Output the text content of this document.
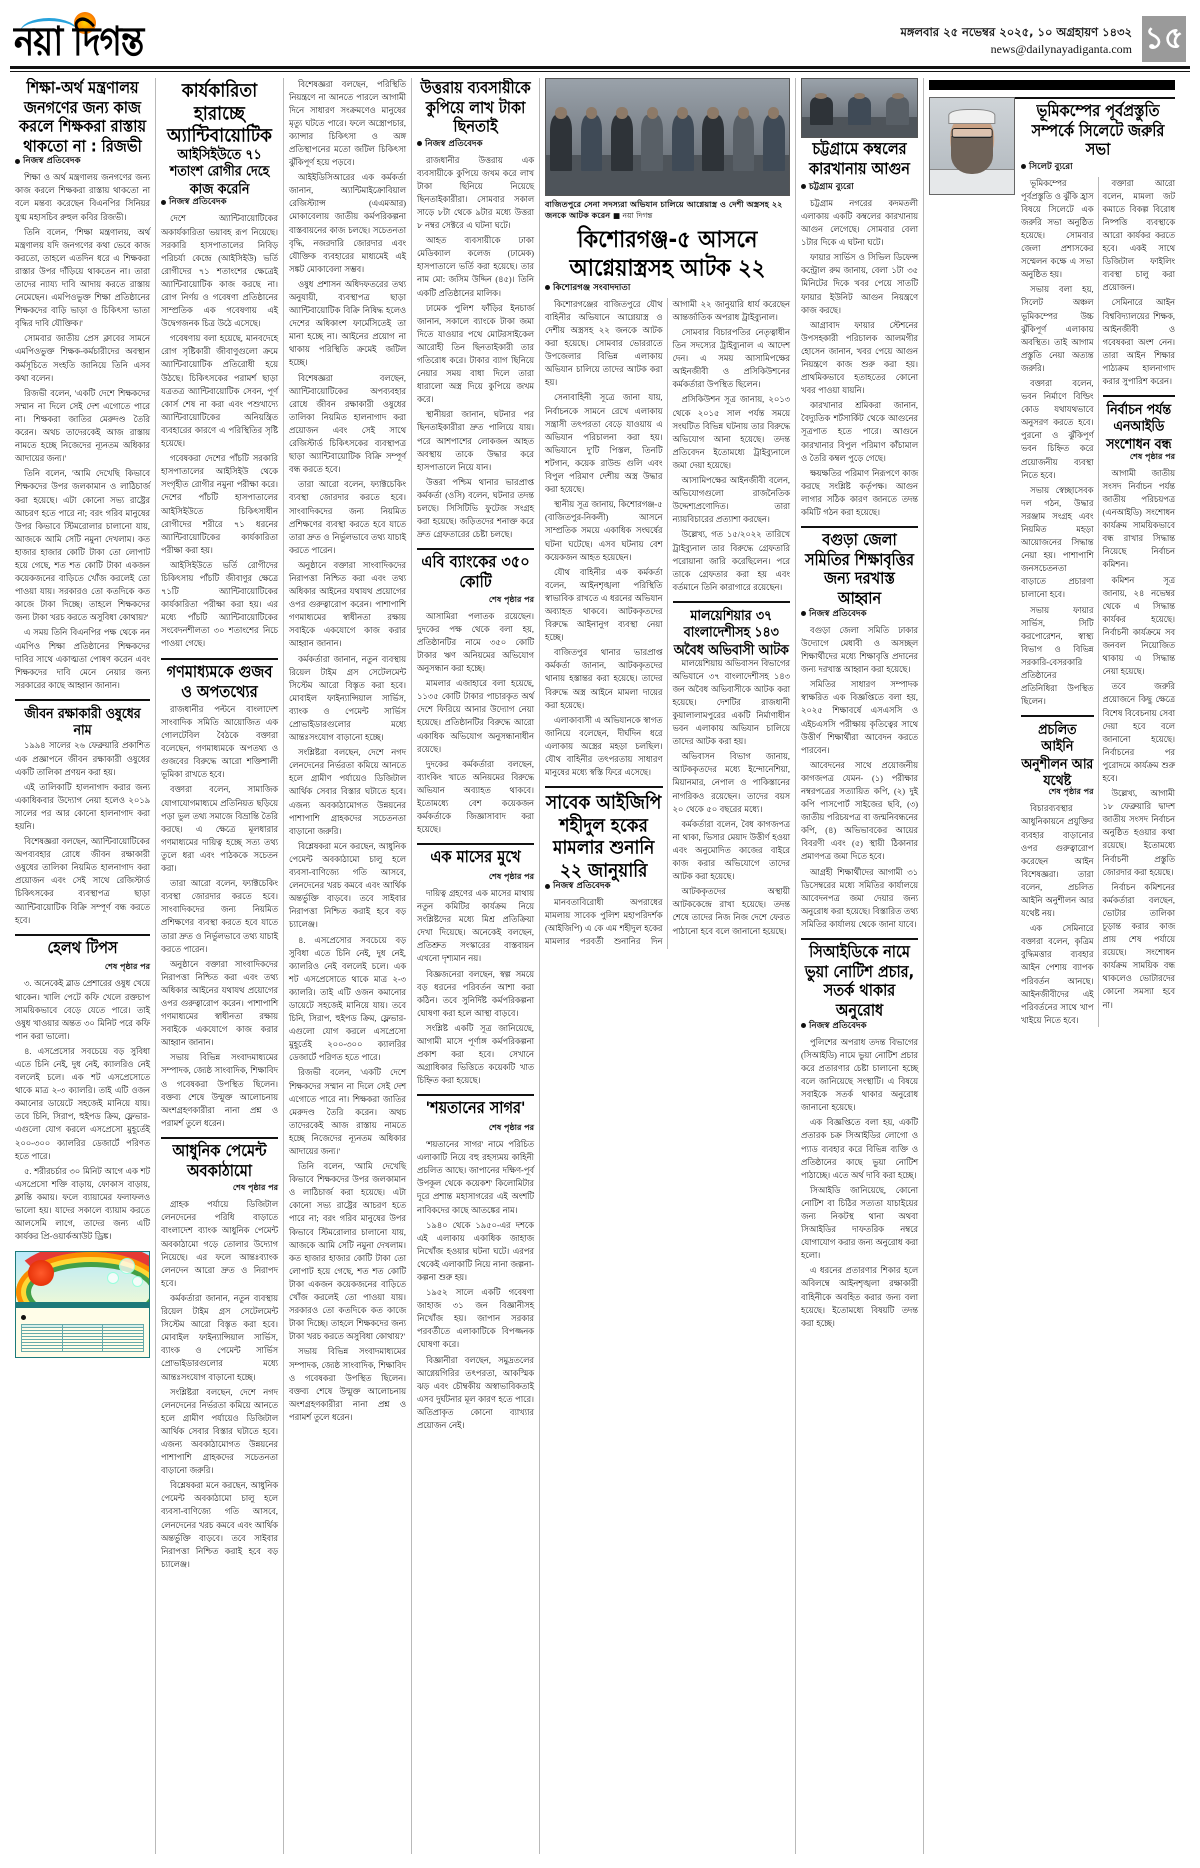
নয়া দিগন্ত	মঙ্গলবার ২৫ নভেম্বর ২০২৫, ১০ অগ্রহায়ণ ১৪৩২
news@dailynayadiganta.com ১৫
শিক্ষা-অর্থ মন্ত্রণালয় জনগণের জন্য কাজ করলে শিক্ষকরা রাস্তায় থাকতো না : রিজভী
নিজস্ব প্রতিবেদক

শিক্ষা ও অর্থ মন্ত্রণালয় জনগণের জন্য কাজ করলে শিক্ষকরা রাস্তায় থাকতো না বলে মন্তব্য করেছেন বিএনপির সিনিয়র যুগ্ম মহাসচিব রুহুল কবির রিজভী।

তিনি বলেন, 'শিক্ষা মন্ত্রণালয়, অর্থ মন্ত্রণালয় যদি জনগণের কথা ভেবে কাজ করতো, তাহলে এতদিন ধরে এ শিক্ষকরা রাস্তার উপর দাঁড়িয়ে থাকতেন না। তারা তাদের ন্যায্য দাবি আদায় করতে রাস্তায় নেমেছেন। এমপিওভুক্ত শিক্ষা প্রতিষ্ঠানের শিক্ষকদের বাড়ি ভাড়া ও চিকিৎসা ভাতা বৃদ্ধির দাবি যৌক্তিক।'

সোমবার জাতীয় প্রেস ক্লাবের সামনে এমপিওভুক্ত শিক্ষক-কর্মচারীদের অবস্থান কর্মসূচিতে সংহতি জানিয়ে তিনি এসব কথা বলেন।

রিজভী বলেন, 'একটি দেশে শিক্ষকদের সম্মান না দিলে সেই দেশ এগোতে পারে না। শিক্ষকরা জাতির মেরুদণ্ড তৈরি করেন। অথচ তাদেরকেই আজ রাস্তায় নামতে হচ্ছে নিজেদের ন্যূনতম অধিকার আদায়ের জন্য।'

তিনি বলেন, 'আমি দেখেছি কিভাবে শিক্ষকদের উপর জলকামান ও লাঠিচার্জ করা হয়েছে। এটা কোনো সভ্য রাষ্ট্রের আচরণ হতে পারে না; বরং গরিব মানুষের উপর কিভাবে স্টিমরোলার চালানো যায়, আজকে আমি সেটি নমুনা দেখলাম। কত হাজার হাজার কোটি টাকা তো লোপাট হয়ে গেছে, শত শত কোটি টাকা একজন কয়েকজনের বাড়িতে খোঁজ করলেই তো পাওয়া যায়। সরকারও তো কতদিকে কত কাজে টাকা দিচ্ছে। তাহলে শিক্ষকদের জন্য টাকা খরচ করতে অসুবিধা কোথায়?'

এ সময় তিনি বিএনপির পক্ষ থেকে নন এমপিও শিক্ষা প্রতিষ্ঠানের শিক্ষকদের দাবির সাথে একাত্মতা পোষণ করেন এবং শিক্ষকদের দাবি মেনে নেয়ার জন্য সরকারের কাছে আহ্বান জানান।

জীবন রক্ষাকারী ওষুধের নাম

১৯৯৪ সালের ২৬ ফেব্রুয়ারি প্রকাশিত এক প্রজ্ঞাপনে জীবন রক্ষাকারী ওষুধের একটি তালিকা প্রণয়ন করা হয়।

এই তালিকাটি হালনাগাদ করার জন্য একাধিকবার উদ্যোগ নেয়া হলেও ২০১৯ সালের পর আর কোনো হালনাগাদ করা হয়নি।

বিশেষজ্ঞরা বলছেন, অ্যান্টিবায়োটিকের অপব্যবহার রোধে জীবন রক্ষাকারী ওষুধের তালিকা নিয়মিত হালনাগাদ করা প্রয়োজন এবং সেই সাথে রেজিস্টার্ড চিকিৎসকের ব্যবস্থাপত্র ছাড়া অ্যান্টিবায়োটিক বিক্রি সম্পূর্ণ বন্ধ করতে হবে।

হেলথ টিপস
শেষ পৃষ্ঠার পর

৩. অনেকেই ব্লাড প্রেশারের ওষুধ খেয়ে থাকেন। খালি পেটে কফি খেলে রক্তচাপ সাময়িকভাবে বেড়ে যেতে পারে। তাই ওষুধ খাওয়ার অন্তত ৩০ মিনিট পরে কফি পান করা ভালো।

৪. এসপ্রেসোর সবচেয়ে বড় সুবিধা এতে চিনি নেই, দুধ নেই, ক্যালরিও নেই বললেই চলে। এক শট এসপ্রেসোতে থাকে মাত্র ২-৩ ক্যালরি। তাই এটি ওজন কমানোর ডায়েটে সহজেই মানিয়ে যায়। তবে চিনি, সিরাপ, হুইপড ক্রিম, ফ্লেভার- এগুলো যোগ করলে এসপ্রেসো মুহূর্তেই ২০০-৩০০ ক্যালরির ডেজার্টে পরিণত হতে পারে।

৫. শরীরচর্চার ৩০ মিনিট আগে এক শট এসপ্রেসো শক্তি বাড়ায়, ফোকাস বাড়ায়, ক্লান্তি কমায়। ফলে ব্যায়ামের ফলাফলও ভালো হয়। যাদের সকালে ব্যায়াম করতে আলসেমি লাগে, তাদের জন্য এটি কার্যকর প্রি-ওয়ার্কআউট ড্রিঙ্ক।

কার্যকারিতা হারাচ্ছে অ্যান্টিবায়োটিক
আইসিইউতে ৭১ শতাংশ রোগীর দেহে কাজ করেনি
নিজস্ব প্রতিবেদক

দেশে অ্যান্টিবায়োটিকের অকার্যকারিতা ভয়াবহ রূপ নিয়েছে। সরকারি হাসপাতালের নিবিড় পরিচর্যা কেন্দ্রে (আইসিইউ) ভর্তি রোগীদের ৭১ শতাংশের ক্ষেত্রেই অ্যান্টিবায়োটিক কাজ করছে না। রোগ নির্ণয় ও গবেষণা প্রতিষ্ঠানের সাম্প্রতিক এক গবেষণায় এই উদ্বেগজনক চিত্র উঠে এসেছে।

গবেষণায় বলা হয়েছে, মানবদেহে রোগ সৃষ্টিকারী জীবাণুগুলো ক্রমে অ্যান্টিবায়োটিক প্রতিরোধী হয়ে উঠছে। চিকিৎসকের পরামর্শ ছাড়া যত্রতত্র অ্যান্টিবায়োটিক সেবন, পূর্ণ কোর্স শেষ না করা এবং পশুখাদ্যে অ্যান্টিবায়োটিকের অনিয়ন্ত্রিত ব্যবহারের কারণে এ পরিস্থিতির সৃষ্টি হয়েছে।

গবেষকরা দেশের পাঁচটি সরকারি হাসপাতালের আইসিইউ থেকে সংগৃহীত রোগীর নমুনা পরীক্ষা করে। দেশের পাঁচটি হাসপাতালের আইসিইউতে চিকিৎসাধীন রোগীদের শরীরে ৭১ ধরনের অ্যান্টিবায়োটিকের কার্যকারিতা পরীক্ষা করা হয়।

আইসিইউতে ভর্তি রোগীদের চিকিৎসায় পাঁচটি জীবাণুর ক্ষেত্রে ৭১টি অ্যান্টিবায়োটিকের কার্যকারিতা পরীক্ষা করা হয়। এর মধ্যে পাঁচটি অ্যান্টিবায়োটিকের সংবেদনশীলতা ৩০ শতাংশের নিচে পাওয়া গেছে।

গণমাধ্যমকে গুজব ও অপতথ্যের

রাজধানীর পল্টনে বাংলাদেশ সাংবাদিক সমিতি আয়োজিত এক গোলটেবিল বৈঠকে বক্তারা বলেছেন, গণমাধ্যমকে অপতথ্য ও গুজবের বিরুদ্ধে আরো শক্তিশালী ভূমিকা রাখতে হবে।

বক্তারা বলেন, সামাজিক যোগাযোগমাধ্যমে প্রতিনিয়ত ছড়িয়ে পড়া ভুল তথ্য সমাজে বিভ্রান্তি তৈরি করছে। এ ক্ষেত্রে মূলধারার গণমাধ্যমের দায়িত্ব হচ্ছে সত্য তথ্য তুলে ধরা এবং পাঠককে সচেতন করা।

তারা আরো বলেন, ফ্যাক্টচেকিং ব্যবস্থা জোরদার করতে হবে। সাংবাদিকদের জন্য নিয়মিত প্রশিক্ষণের ব্যবস্থা করতে হবে যাতে তারা দ্রুত ও নির্ভুলভাবে তথ্য যাচাই করতে পারেন।

অনুষ্ঠানে বক্তারা সাংবাদিকদের নিরাপত্তা নিশ্চিত করা এবং তথ্য অধিকার আইনের যথাযথ প্রয়োগের ওপর গুরুত্বারোপ করেন। পাশাপাশি গণমাধ্যমের স্বাধীনতা রক্ষায় সবাইকে একযোগে কাজ করার আহ্বান জানান।

সভায় বিভিন্ন সংবাদমাধ্যমের সম্পাদক, জ্যেষ্ঠ সাংবাদিক, শিক্ষাবিদ ও গবেষকরা উপস্থিত ছিলেন। বক্তব্য শেষে উন্মুক্ত আলোচনায় অংশগ্রহণকারীরা নানা প্রশ্ন ও পরামর্শ তুলে ধরেন।

আধুনিক পেমেন্ট অবকাঠামো
শেষ পৃষ্ঠার পর

গ্রাহক পর্যায়ে ডিজিটাল লেনদেনের পরিধি বাড়াতে বাংলাদেশ ব্যাংক আধুনিক পেমেন্ট অবকাঠামো গড়ে তোলার উদ্যোগ নিয়েছে। এর ফলে আন্তঃব্যাংক লেনদেন আরো দ্রুত ও নিরাপদ হবে।

কর্মকর্তারা জানান, নতুন ব্যবস্থায় রিয়েল টাইম গ্রস সেটেলমেন্ট সিস্টেম আরো বিস্তৃত করা হবে। মোবাইল ফাইন্যান্সিয়াল সার্ভিস, ব্যাংক ও পেমেন্ট সার্ভিস প্রোভাইডারগুলোর মধ্যে আন্তঃসংযোগ বাড়ানো হচ্ছে।

সংশ্লিষ্টরা বলছেন, দেশে নগদ লেনদেনের নির্ভরতা কমিয়ে আনতে হলে গ্রামীণ পর্যায়েও ডিজিটাল আর্থিক সেবার বিস্তার ঘটাতে হবে। এজন্য অবকাঠামোগত উন্নয়নের পাশাপাশি গ্রাহকদের সচেতনতা বাড়ানো জরুরি।

বিশ্লেষকরা মনে করছেন, আধুনিক পেমেন্ট অবকাঠামো চালু হলে ব্যবসা-বাণিজ্যে গতি আসবে, লেনদেনের খরচ কমবে এবং আর্থিক অন্তর্ভুক্তি বাড়বে। তবে সাইবার নিরাপত্তা নিশ্চিত করাই হবে বড় চ্যালেঞ্জ।

বিশেষজ্ঞরা বলছেন, পরিস্থিতি নিয়ন্ত্রণে না আনতে পারলে আগামী দিনে সাধারণ সংক্রমণেও মানুষের মৃত্যু ঘটতে পারে। ফলে অস্ত্রোপচার, ক্যান্সার চিকিৎসা ও অঙ্গ প্রতিস্থাপনের মতো জটিল চিকিৎসা ঝুঁকিপূর্ণ হয়ে পড়বে।

আইইডিসিআরের এক কর্মকর্তা জানান, অ্যান্টিমাইক্রোবিয়াল রেজিস্ট্যান্স (এএমআর) মোকাবেলায় জাতীয় কর্মপরিকল্পনা বাস্তবায়নের কাজ চলছে। সচেতনতা বৃদ্ধি, নজরদারি জোরদার এবং যৌক্তিক ব্যবহারের মাধ্যমেই এই সঙ্কট মোকাবেলা সম্ভব।

ওষুধ প্রশাসন অধিদফতরের তথ্য অনুযায়ী, ব্যবস্থাপত্র ছাড়া অ্যান্টিবায়োটিক বিক্রি নিষিদ্ধ হলেও দেশের অধিকাংশ ফার্মেসিতেই তা মানা হচ্ছে না। আইনের প্রয়োগ না থাকায় পরিস্থিতি ক্রমেই জটিল হচ্ছে।

বিশেষজ্ঞরা বলছেন, অ্যান্টিবায়োটিকের অপব্যবহার রোধে জীবন রক্ষাকারী ওষুধের তালিকা নিয়মিত হালনাগাদ করা প্রয়োজন এবং সেই সাথে রেজিস্টার্ড চিকিৎসকের ব্যবস্থাপত্র ছাড়া অ্যান্টিবায়োটিক বিক্রি সম্পূর্ণ বন্ধ করতে হবে।

তারা আরো বলেন, ফ্যাক্টচেকিং ব্যবস্থা জোরদার করতে হবে। সাংবাদিকদের জন্য নিয়মিত প্রশিক্ষণের ব্যবস্থা করতে হবে যাতে তারা দ্রুত ও নির্ভুলভাবে তথ্য যাচাই করতে পারেন।

অনুষ্ঠানে বক্তারা সাংবাদিকদের নিরাপত্তা নিশ্চিত করা এবং তথ্য অধিকার আইনের যথাযথ প্রয়োগের ওপর গুরুত্বারোপ করেন। পাশাপাশি গণমাধ্যমের স্বাধীনতা রক্ষায় সবাইকে একযোগে কাজ করার আহ্বান জানান।

কর্মকর্তারা জানান, নতুন ব্যবস্থায় রিয়েল টাইম গ্রস সেটেলমেন্ট সিস্টেম আরো বিস্তৃত করা হবে। মোবাইল ফাইন্যান্সিয়াল সার্ভিস, ব্যাংক ও পেমেন্ট সার্ভিস প্রোভাইডারগুলোর মধ্যে আন্তঃসংযোগ বাড়ানো হচ্ছে।

সংশ্লিষ্টরা বলছেন, দেশে নগদ লেনদেনের নির্ভরতা কমিয়ে আনতে হলে গ্রামীণ পর্যায়েও ডিজিটাল আর্থিক সেবার বিস্তার ঘটাতে হবে। এজন্য অবকাঠামোগত উন্নয়নের পাশাপাশি গ্রাহকদের সচেতনতা বাড়ানো জরুরি।

বিশ্লেষকরা মনে করছেন, আধুনিক পেমেন্ট অবকাঠামো চালু হলে ব্যবসা-বাণিজ্যে গতি আসবে, লেনদেনের খরচ কমবে এবং আর্থিক অন্তর্ভুক্তি বাড়বে। তবে সাইবার নিরাপত্তা নিশ্চিত করাই হবে বড় চ্যালেঞ্জ।

৪. এসপ্রেসোর সবচেয়ে বড় সুবিধা এতে চিনি নেই, দুধ নেই, ক্যালরিও নেই বললেই চলে। এক শট এসপ্রেসোতে থাকে মাত্র ২-৩ ক্যালরি। তাই এটি ওজন কমানোর ডায়েটে সহজেই মানিয়ে যায়। তবে চিনি, সিরাপ, হুইপড ক্রিম, ফ্লেভার- এগুলো যোগ করলে এসপ্রেসো মুহূর্তেই ২০০-৩০০ ক্যালরির ডেজার্টে পরিণত হতে পারে।

রিজভী বলেন, 'একটি দেশে শিক্ষকদের সম্মান না দিলে সেই দেশ এগোতে পারে না। শিক্ষকরা জাতির মেরুদণ্ড তৈরি করেন। অথচ তাদেরকেই আজ রাস্তায় নামতে হচ্ছে নিজেদের ন্যূনতম অধিকার আদায়ের জন্য।'

তিনি বলেন, 'আমি দেখেছি কিভাবে শিক্ষকদের উপর জলকামান ও লাঠিচার্জ করা হয়েছে। এটা কোনো সভ্য রাষ্ট্রের আচরণ হতে পারে না; বরং গরিব মানুষের উপর কিভাবে স্টিমরোলার চালানো যায়, আজকে আমি সেটি নমুনা দেখলাম। কত হাজার হাজার কোটি টাকা তো লোপাট হয়ে গেছে, শত শত কোটি টাকা একজন কয়েকজনের বাড়িতে খোঁজ করলেই তো পাওয়া যায়। সরকারও তো কতদিকে কত কাজে টাকা দিচ্ছে। তাহলে শিক্ষকদের জন্য টাকা খরচ করতে অসুবিধা কোথায়?'

সভায় বিভিন্ন সংবাদমাধ্যমের সম্পাদক, জ্যেষ্ঠ সাংবাদিক, শিক্ষাবিদ ও গবেষকরা উপস্থিত ছিলেন। বক্তব্য শেষে উন্মুক্ত আলোচনায় অংশগ্রহণকারীরা নানা প্রশ্ন ও পরামর্শ তুলে ধরেন।

উত্তরায় ব্যবসায়ীকে কুপিয়ে লাখ টাকা ছিনতাই
নিজস্ব প্রতিবেদক

রাজধানীর উত্তরায় এক ব্যবসায়ীকে কুপিয়ে জখম করে লাখ টাকা ছিনিয়ে নিয়েছে ছিনতাইকারীরা। সোমবার সকাল সাড়ে ৮টা থেকে ৯টার মধ্যে উত্তরা ৮ নম্বর সেক্টরে এ ঘটনা ঘটে।

আহত ব্যবসায়ীকে ঢাকা মেডিক্যাল কলেজ (ঢামেক) হাসপাতালে ভর্তি করা হয়েছে। তার নাম মো: জসিম উদ্দিন (৪৫)। তিনি একটি প্রতিষ্ঠানের মালিক।

ঢামেক পুলিশ ফাঁড়ির ইনচার্জ জানান, সকালে ব্যাংকে টাকা জমা দিতে যাওয়ার পথে মোটরসাইকেল আরোহী তিন ছিনতাইকারী তার গতিরোধ করে। টাকার ব্যাগ ছিনিয়ে নেয়ার সময় বাধা দিলে তারা ধারালো অস্ত্র দিয়ে কুপিয়ে জখম করে।

স্থানীয়রা জানান, ঘটনার পর ছিনতাইকারীরা দ্রুত পালিয়ে যায়। পরে আশপাশের লোকজন আহত অবস্থায় তাকে উদ্ধার করে হাসপাতালে নিয়ে যান।

উত্তরা পশ্চিম থানার ভারপ্রাপ্ত কর্মকর্তা (ওসি) বলেন, ঘটনার তদন্ত চলছে। সিসিটিভি ফুটেজ সংগ্রহ করা হয়েছে। জড়িতদের শনাক্ত করে দ্রুত গ্রেফতারের চেষ্টা চলছে।

এবি ব্যাংকের ৩৫০ কোটি
শেষ পৃষ্ঠার পর

আসামিরা পলাতক রয়েছেন। দুদকের পক্ষ থেকে বলা হয়, প্রতিষ্ঠানটির নামে ৩৫০ কোটি টাকার ঋণ অনিয়মের অভিযোগ অনুসন্ধান করা হচ্ছে।

মামলার এজাহারে বলা হয়েছে, ১১৩৫ কোটি টাকার পাচারকৃত অর্থ দেশে ফিরিয়ে আনার উদ্যোগ নেয়া হয়েছে। প্রতিষ্ঠানটির বিরুদ্ধে আরো একাধিক অভিযোগ অনুসন্ধানাধীন রয়েছে।

দুদকের কর্মকর্তারা বলছেন, ব্যাংকিং খাতে অনিয়মের বিরুদ্ধে অভিযান অব্যাহত থাকবে। ইতোমধ্যে বেশ কয়েকজন কর্মকর্তাকে জিজ্ঞাসাবাদ করা হয়েছে।

এক মাসের মুখে
শেষ পৃষ্ঠার পর

দায়িত্ব গ্রহণের এক মাসের মাথায় নতুন কমিটির কার্যক্রম নিয়ে সংশ্লিষ্টদের মধ্যে মিশ্র প্রতিক্রিয়া দেখা দিয়েছে। অনেকেই বলছেন, প্রতিশ্রুত সংস্কারের বাস্তবায়ন এখনো দৃশ্যমান নয়।

বিজ্ঞজনেরা বলছেন, স্বল্প সময়ে বড় ধরনের পরিবর্তন আশা করা কঠিন। তবে সুনির্দিষ্ট কর্মপরিকল্পনা ঘোষণা করা হলে আস্থা বাড়বে।

সংশ্লিষ্ট একটি সূত্র জানিয়েছে, আগামী মাসে পূর্ণাঙ্গ কর্মপরিকল্পনা প্রকাশ করা হবে। সেখানে অগ্রাধিকার ভিত্তিতে কয়েকটি খাত চিহ্নিত করা হয়েছে।

'শয়তানের সাগর'
শেষ পৃষ্ঠার পর

'শয়তানের সাগর' নামে পরিচিত এলাকাটি নিয়ে বহু রহস্যময় কাহিনী প্রচলিত আছে। জাপানের দক্ষিণ-পূর্ব উপকূল থেকে কয়েকশ' কিলোমিটার দূরে প্রশান্ত মহাসাগরের এই অংশটি নাবিকদের কাছে আতঙ্কের নাম।

১৯৪০ থেকে ১৯৫০-এর দশকে এই এলাকায় একাধিক জাহাজ নিখোঁজ হওয়ার ঘটনা ঘটে। এরপর থেকেই এলাকাটি নিয়ে নানা জল্পনা-কল্পনা শুরু হয়।

১৯৫২ সালে একটি গবেষণা জাহাজ ৩১ জন বিজ্ঞানীসহ নিখোঁজ হয়। জাপান সরকার পরবর্তীতে এলাকাটিকে বিপজ্জনক ঘোষণা করে।

বিজ্ঞানীরা বলছেন, সমুদ্রতলের আগ্নেয়গিরির তৎপরতা, আকস্মিক ঝড় এবং চৌম্বকীয় অস্বাভাবিকতাই এসব দুর্ঘটনার মূল কারণ হতে পারে। অতিপ্রাকৃত কোনো ব্যাখ্যার প্রয়োজন নেই।

বাজিতপুরে সেনা সদস্যরা অভিযান চালিয়ে আগ্নেয়াস্ত্র ও দেশী অস্ত্রসহ ২২ জনকে আটক করেন ■ নয়া দিগন্ত
কিশোরগঞ্জ-৫ আসনে আগ্নেয়াস্ত্রসহ আটক ২২
কিশোরগঞ্জ সংবাদদাতা

কিশোরগঞ্জের বাজিতপুরে যৌথ বাহিনীর অভিযানে আগ্নেয়াস্ত্র ও দেশীয় অস্ত্রসহ ২২ জনকে আটক করা হয়েছে। সোমবার ভোররাতে উপজেলার বিভিন্ন এলাকায় অভিযান চালিয়ে তাদের আটক করা হয়।

সেনাবাহিনী সূত্রে জানা যায়, নির্বাচনকে সামনে রেখে এলাকায় সন্ত্রাসী তৎপরতা বেড়ে যাওয়ায় এ অভিযান পরিচালনা করা হয়। অভিযানে দু'টি পিস্তল, তিনটি শটগান, কয়েক রাউন্ড গুলি এবং বিপুল পরিমাণ দেশীয় অস্ত্র উদ্ধার করা হয়েছে।

স্থানীয় সূত্র জানায়, কিশোরগঞ্জ-৫ (বাজিতপুর-নিকলী) আসনে সাম্প্রতিক সময়ে একাধিক সংঘর্ষের ঘটনা ঘটেছে। এসব ঘটনায় বেশ কয়েকজন আহত হয়েছেন।

যৌথ বাহিনীর এক কর্মকর্তা বলেন, আইনশৃঙ্খলা পরিস্থিতি স্বাভাবিক রাখতে এ ধরনের অভিযান অব্যাহত থাকবে। আটককৃতদের বিরুদ্ধে আইনানুগ ব্যবস্থা নেয়া হচ্ছে।

বাজিতপুর থানার ভারপ্রাপ্ত কর্মকর্তা জানান, আটককৃতদের থানায় হস্তান্তর করা হয়েছে। তাদের বিরুদ্ধে অস্ত্র আইনে মামলা দায়ের করা হয়েছে।

এলাকাবাসী এ অভিযানকে স্বাগত জানিয়ে বলেছেন, দীর্ঘদিন ধরে এলাকায় অস্ত্রের মহড়া চলছিল। যৌথ বাহিনীর তৎপরতায় সাধারণ মানুষের মধ্যে স্বস্তি ফিরে এসেছে।

সাবেক আইজিপি শহীদুল হকের মামলার শুনানি ২২ জানুয়ারি
নিজস্ব প্রতিবেদক

মানবতাবিরোধী অপরাধের মামলায় সাবেক পুলিশ মহাপরিদর্শক (আইজিপি) এ কে এম শহীদুল হকের মামলার পরবর্তী শুনানির দিন আগামী ২২ জানুয়ারি ধার্য করেছেন আন্তর্জাতিক অপরাধ ট্রাইব্যুনাল।

সোমবার বিচারপতির নেতৃত্বাধীন তিন সদস্যের ট্রাইব্যুনাল এ আদেশ দেন। এ সময় আসামিপক্ষের আইনজীবী ও প্রসিকিউশনের কর্মকর্তারা উপস্থিত ছিলেন।

প্রসিকিউশন সূত্র জানায়, ২০১৩ থেকে ২০১৫ সাল পর্যন্ত সময়ে সংঘটিত বিভিন্ন ঘটনায় তার বিরুদ্ধে অভিযোগ আনা হয়েছে। তদন্ত প্রতিবেদন ইতোমধ্যে ট্রাইব্যুনালে জমা দেয়া হয়েছে।

আসামিপক্ষের আইনজীবী বলেন, অভিযোগগুলো রাজনৈতিক উদ্দেশ্যপ্রণোদিত। তারা ন্যায়বিচারের প্রত্যাশা করছেন।

উল্লেখ্য, গত ১৫/২০২২ তারিখে ট্রাইব্যুনাল তার বিরুদ্ধে গ্রেফতারি পরোয়ানা জারি করেছিলেন। পরে তাকে গ্রেফতার করা হয় এবং বর্তমানে তিনি কারাগারে রয়েছেন।

মালয়েশিয়ার ৩৭ বাংলাদেশীসহ ১৪৩ অবৈধ অভিবাসী আটক

মালয়েশিয়ায় অভিবাসন বিভাগের অভিযানে ৩৭ বাংলাদেশীসহ ১৪৩ জন অবৈধ অভিবাসীকে আটক করা হয়েছে। দেশটির রাজধানী কুয়ালালামপুরের একটি নির্মাণাধীন ভবন এলাকায় অভিযান চালিয়ে তাদের আটক করা হয়।

অভিবাসন বিভাগ জানায়, আটককৃতদের মধ্যে ইন্দোনেশিয়া, মিয়ানমার, নেপাল ও পাকিস্তানের নাগরিকও রয়েছেন। তাদের বয়স ২০ থেকে ৫০ বছরের মধ্যে।

কর্মকর্তারা বলেন, বৈধ কাগজপত্র না থাকা, ভিসার মেয়াদ উত্তীর্ণ হওয়া এবং অনুমোদিত কাজের বাইরে কাজ করার অভিযোগে তাদের আটক করা হয়েছে।

আটককৃতদের অস্থায়ী আটককেন্দ্রে রাখা হয়েছে। তদন্ত শেষে তাদের নিজ নিজ দেশে ফেরত পাঠানো হবে বলে জানানো হয়েছে।

চট্টগ্রামে কম্বলের কারখানায় আগুন
চট্টগ্রাম ব্যুরো

চট্টগ্রাম নগরের কদমতলী এলাকায় একটি কম্বলের কারখানায় আগুন লেগেছে। সোমবার বেলা ১টার দিকে এ ঘটনা ঘটে।

ফায়ার সার্ভিস ও সিভিল ডিফেন্স কন্ট্রোল রুম জানায়, বেলা ১টা ৩৫ মিনিটের দিকে খবর পেয়ে সাতটি ফায়ার ইউনিট আগুন নিয়ন্ত্রণে কাজ করছে।

আগ্রাবাদ ফায়ার স্টেশনের উপসহকারী পরিচালক আলমগীর হোসেন জানান, খবর পেয়ে আগুন নিয়ন্ত্রণে কাজ শুরু করা হয়। প্রাথমিকভাবে হতাহতের কোনো খবর পাওয়া যায়নি।

কারখানার শ্রমিকরা জানান, বৈদ্যুতিক শর্টসার্কিট থেকে আগুনের সূত্রপাত হতে পারে। আগুনে কারখানার বিপুল পরিমাণ কাঁচামাল ও তৈরি কম্বল পুড়ে গেছে।

ক্ষয়ক্ষতির পরিমাণ নিরূপণে কাজ করছে সংশ্লিষ্ট কর্তৃপক্ষ। আগুন লাগার সঠিক কারণ জানতে তদন্ত কমিটি গঠন করা হয়েছে।

বগুড়া জেলা সমিতির শিক্ষাবৃত্তির জন্য দরখাস্ত আহ্বান
নিজস্ব প্রতিবেদক

বগুড়া জেলা সমিতি ঢাকার উদ্যোগে মেধাবী ও অসচ্ছল শিক্ষার্থীদের মধ্যে শিক্ষাবৃত্তি প্রদানের জন্য দরখাস্ত আহ্বান করা হয়েছে।

সমিতির সাধারণ সম্পাদক স্বাক্ষরিত এক বিজ্ঞপ্তিতে বলা হয়, ২০২৫ শিক্ষাবর্ষে এসএসসি ও এইচএসসি পরীক্ষায় কৃতিত্বের সাথে উত্তীর্ণ শিক্ষার্থীরা আবেদন করতে পারবেন।

আবেদনের সাথে প্রয়োজনীয় কাগজপত্র যেমন- (১) পরীক্ষার নম্বরপত্রের সত্যায়িত কপি, (২) দুই কপি পাসপোর্ট সাইজের ছবি, (৩) জাতীয় পরিচয়পত্র বা জন্মনিবন্ধনের কপি, (৪) অভিভাবকের আয়ের বিবরণী এবং (৫) স্থায়ী ঠিকানার প্রমাণপত্র জমা দিতে হবে।

আগ্রহী শিক্ষার্থীদের আগামী ৩১ ডিসেম্বরের মধ্যে সমিতির কার্যালয়ে আবেদনপত্র জমা দেয়ার জন্য অনুরোধ করা হয়েছে। বিস্তারিত তথ্য সমিতির কার্যালয় থেকে জানা যাবে।

সিআইডিকে নামে ভুয়া নোটিশ প্রচার, সতর্ক থাকার অনুরোধ
নিজস্ব প্রতিবেদক

পুলিশের অপরাধ তদন্ত বিভাগের (সিআইডি) নামে ভুয়া নোটিশ প্রচার করে প্রতারণার চেষ্টা চালানো হচ্ছে বলে জানিয়েছে সংস্থাটি। এ বিষয়ে সবাইকে সতর্ক থাকার অনুরোধ জানানো হয়েছে।

এক বিজ্ঞপ্তিতে বলা হয়, একটি প্রতারক চক্র সিআইডির লোগো ও প্যাড ব্যবহার করে বিভিন্ন ব্যক্তি ও প্রতিষ্ঠানের কাছে ভুয়া নোটিশ পাঠাচ্ছে। এতে অর্থ দাবি করা হচ্ছে।

সিআইডি জানিয়েছে, কোনো নোটিশ বা চিঠির সত্যতা যাচাইয়ের জন্য নিকটস্থ থানা অথবা সিআইডির দাফতরিক নম্বরে যোগাযোগ করার জন্য অনুরোধ করা হলো।

এ ধরনের প্রতারণার শিকার হলে অবিলম্বে আইনশৃঙ্খলা রক্ষাকারী বাহিনীকে অবহিত করার জন্য বলা হয়েছে। ইতোমধ্যে বিষয়টি তদন্ত করা হচ্ছে।

ভূমিকম্পের পূর্বপ্রস্তুতি সম্পর্কে সিলেটে জরুরি সভা
সিলেট ব্যুরো

ভূমিকম্পের পূর্বপ্রস্তুতি ও ঝুঁকি হ্রাস বিষয়ে সিলেটে এক জরুরি সভা অনুষ্ঠিত হয়েছে। সোমবার জেলা প্রশাসকের সম্মেলন কক্ষে এ সভা অনুষ্ঠিত হয়।

সভায় বলা হয়, সিলেট অঞ্চল ভূমিকম্পের উচ্চ ঝুঁকিপূর্ণ এলাকায় অবস্থিত। তাই আগাম প্রস্তুতি নেয়া অত্যন্ত জরুরি।

বক্তারা বলেন, ভবন নির্মাণে বিল্ডিং কোড যথাযথভাবে অনুসরণ করতে হবে। পুরনো ও ঝুঁকিপূর্ণ ভবন চিহ্নিত করে প্রয়োজনীয় ব্যবস্থা নিতে হবে।

সভায় স্বেচ্ছাসেবক দল গঠন, উদ্ধার সরঞ্জাম সংগ্রহ এবং নিয়মিত মহড়া আয়োজনের সিদ্ধান্ত নেয়া হয়। পাশাপাশি জনসচেতনতা বাড়াতে প্রচারণা চালানো হবে।

সভায় ফায়ার সার্ভিস, সিটি করপোরেশন, স্বাস্থ্য বিভাগ ও বিভিন্ন সরকারি-বেসরকারি প্রতিষ্ঠানের প্রতিনিধিরা উপস্থিত ছিলেন।

প্রচলিত আইনি অনুশীলন আর যথেষ্ট
শেষ পৃষ্ঠার পর

বিচারব্যবস্থার আধুনিকায়নে প্রযুক্তির ব্যবহার বাড়ানোর ওপর গুরুত্বারোপ করেছেন আইন বিশেষজ্ঞরা। তারা বলেন, প্রচলিত আইনি অনুশীলন আর যথেষ্ট নয়।

এক সেমিনারে বক্তারা বলেন, কৃত্রিম বুদ্ধিমত্তার ব্যবহার আইন পেশায় ব্যাপক পরিবর্তন আনছে। আইনজীবীদের এই পরিবর্তনের সাথে খাপ খাইয়ে নিতে হবে।

বক্তারা আরো বলেন, মামলা জট কমাতে বিকল্প বিরোধ নিষ্পত্তি ব্যবস্থাকে আরো কার্যকর করতে হবে। একই সাথে ডিজিটাল ফাইলিং ব্যবস্থা চালু করা প্রয়োজন।

সেমিনারে আইন বিশ্ববিদ্যালয়ের শিক্ষক, আইনজীবী ও গবেষকরা অংশ নেন। তারা আইন শিক্ষার পাঠ্যক্রম হালনাগাদ করার সুপারিশ করেন।

নির্বাচন পর্যন্ত এনআইডি সংশোধন বন্ধ
শেষ পৃষ্ঠার পর

আগামী জাতীয় সংসদ নির্বাচন পর্যন্ত জাতীয় পরিচয়পত্র (এনআইডি) সংশোধন কার্যক্রম সাময়িকভাবে বন্ধ রাখার সিদ্ধান্ত নিয়েছে নির্বাচন কমিশন।

কমিশন সূত্র জানায়, ২৪ নভেম্বর থেকে এ সিদ্ধান্ত কার্যকর হয়েছে। নির্বাচনী কার্যক্রমে সব জনবল নিয়োজিত থাকায় এ সিদ্ধান্ত নেয়া হয়েছে।

তবে জরুরি প্রয়োজনে কিছু ক্ষেত্রে বিশেষ বিবেচনায় সেবা দেয়া হবে বলে জানানো হয়েছে। নির্বাচনের পর পুরোদমে কার্যক্রম শুরু হবে।

উল্লেখ্য, আগামী ১৮ ফেব্রুয়ারি দ্বাদশ জাতীয় সংসদ নির্বাচন অনুষ্ঠিত হওয়ার কথা রয়েছে। ইতোমধ্যে নির্বাচনী প্রস্তুতি জোরদার করা হয়েছে।

নির্বাচন কমিশনের কর্মকর্তারা বলছেন, ভোটার তালিকা চূড়ান্ত করার কাজ প্রায় শেষ পর্যায়ে রয়েছে। সংশোধন কার্যক্রম সাময়িক বন্ধ থাকলেও ভোটারদের কোনো সমস্যা হবে না।
